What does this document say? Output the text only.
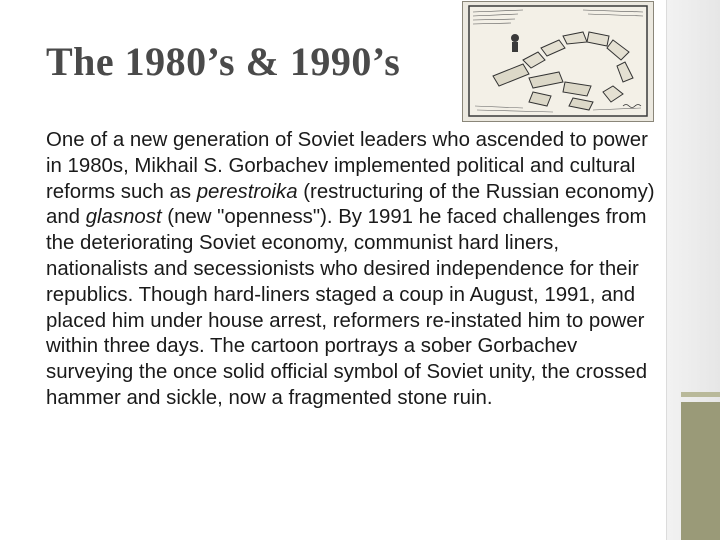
The 1980’s & 1990’s
One of a new generation of Soviet leaders who ascended to power in 1980s, Mikhail S. Gorbachev implemented political and cultural reforms such as perestroika (restructuring of the Russian economy) and glasnost (new "openness"). By 1991 he faced challenges from the deteriorating Soviet economy, communist hard liners, nationalists and secessionists who desired independence for their republics. Though hard-liners staged a coup in August, 1991, and placed him under house arrest, reformers re-instated him to power within three days. The cartoon portrays a sober Gorbachev surveying the once solid official symbol of Soviet unity, the crossed hammer and sickle, now a fragmented stone ruin.
